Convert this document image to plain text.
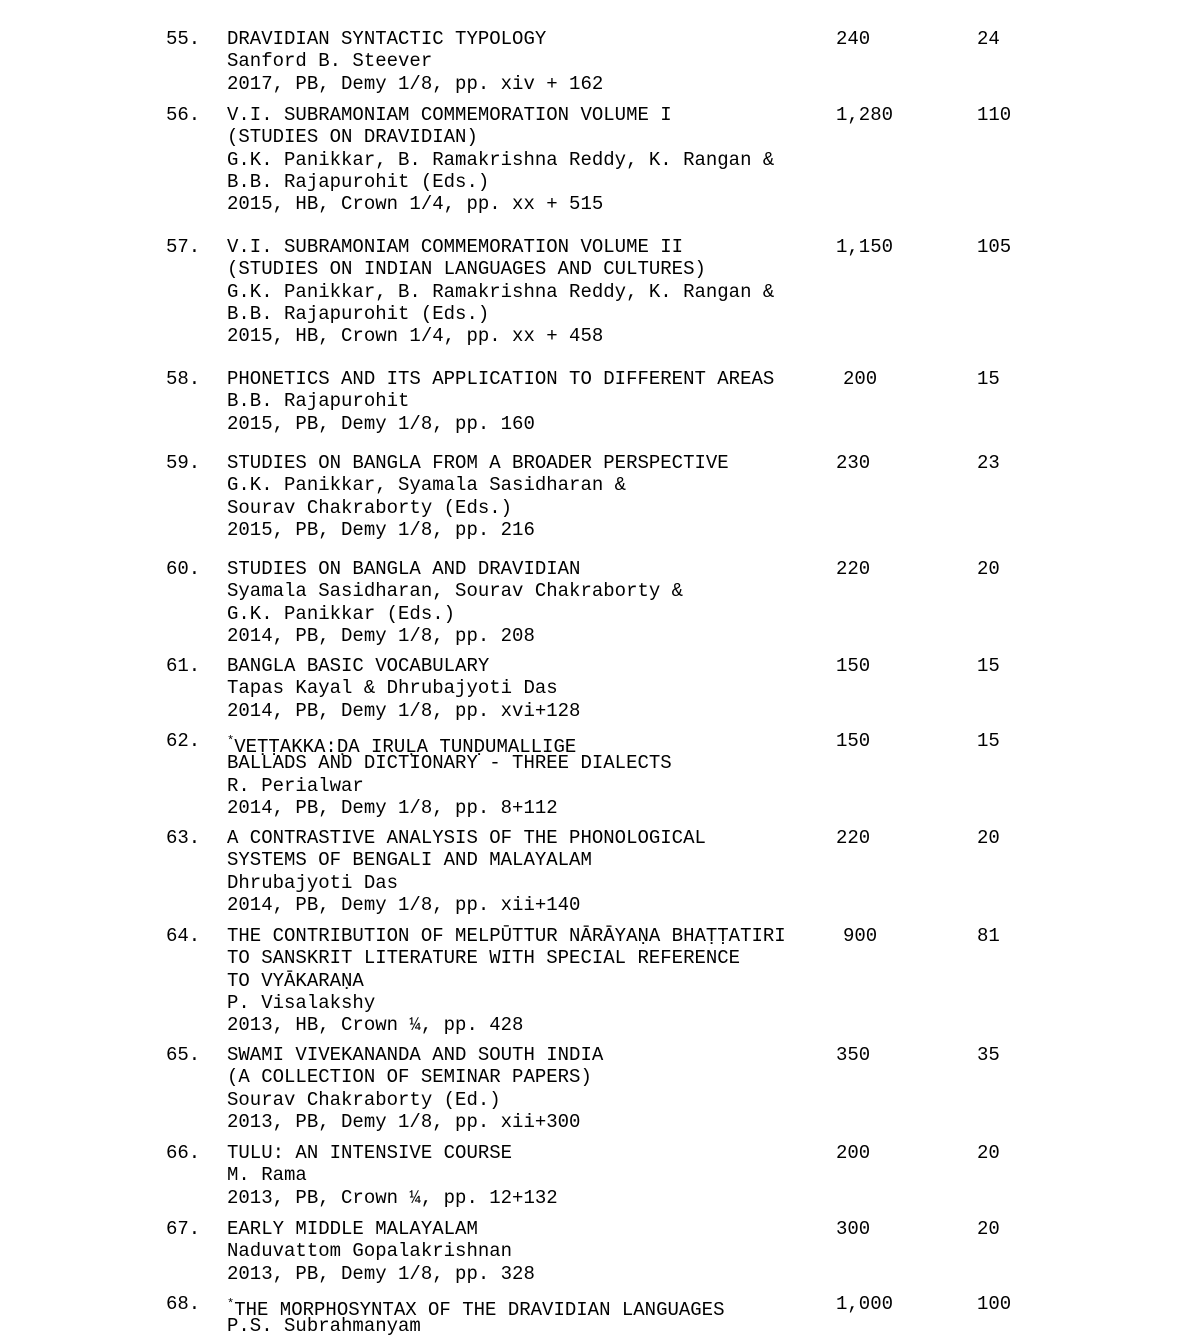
55. DRAVIDIAN SYNTACTIC TYPOLOGY
Sanford B. Steever
2017, PB, Demy 1/8, pp. xiv + 162
240	24
56. V.I. SUBRAMONIAM COMMEMORATION VOLUME I
(STUDIES ON DRAVIDIAN)
G.K. Panikkar, B. Ramakrishna Reddy, K. Rangan &
B.B. Rajapurohit (Eds.)
2015, HB, Crown 1/4, pp. xx + 515
1,280	110
57. V.I. SUBRAMONIAM COMMEMORATION VOLUME II
(STUDIES ON INDIAN LANGUAGES AND CULTURES)
G.K. Panikkar, B. Ramakrishna Reddy, K. Rangan &
B.B. Rajapurohit (Eds.)
2015, HB, Crown 1/4, pp. xx + 458
1,150	105
58. PHONETICS AND ITS APPLICATION TO DIFFERENT AREAS
B.B. Rajapurohit
2015, PB, Demy 1/8, pp. 160
200	15
59. STUDIES ON BANGLA FROM A BROADER PERSPECTIVE
G.K. Panikkar, Syamala Sasidharan &
Sourav Chakraborty (Eds.)
2015, PB, Demy 1/8, pp. 216
230	23
60. STUDIES ON BANGLA AND DRAVIDIAN
Syamala Sasidharan, Sourav Chakraborty &
G.K. Panikkar (Eds.)
2014, PB, Demy 1/8, pp. 208
220	20
61. BANGLA BASIC VOCABULARY
Tapas Kayal & Dhrubajyoti Das
2014, PB, Demy 1/8, pp. xvi+128
150	15
62. *VEṬṬAKKA:ḌA IRUḶA TUNḌUMALLIGE
BALLADS AND DICTIONARY - THREE DIALECTS
R. Perialwar
2014, PB, Demy 1/8, pp. 8+112
150	15
63. A CONTRASTIVE ANALYSIS OF THE PHONOLOGICAL
SYSTEMS OF BENGALI AND MALAYALAM
Dhrubajyoti Das
2014, PB, Demy 1/8, pp. xii+140
220	20
64. THE CONTRIBUTION OF MELPŪTTUR NĀRĀYAṆA BHAṬṬATIRI
TO SANSKRIT LITERATURE WITH SPECIAL REFERENCE
TO VYĀKARAṆA
P. Visalakshy
2013, HB, Crown ¼, pp. 428
900	81
65. SWAMI VIVEKANANDA AND SOUTH INDIA
(A COLLECTION OF SEMINAR PAPERS)
Sourav Chakraborty (Ed.)
2013, PB, Demy 1/8, pp. xii+300
350	35
66. TULU: AN INTENSIVE COURSE
M. Rama
2013, PB, Crown ¼, pp. 12+132
200	20
67. EARLY MIDDLE MALAYALAM
Naduvattom Gopalakrishnan
2013, PB, Demy 1/8, pp. 328
300	20
68. *THE MORPHOSYNTAX OF THE DRAVIDIAN LANGUAGES
P.S. Subrahmanyam
1,000	100
